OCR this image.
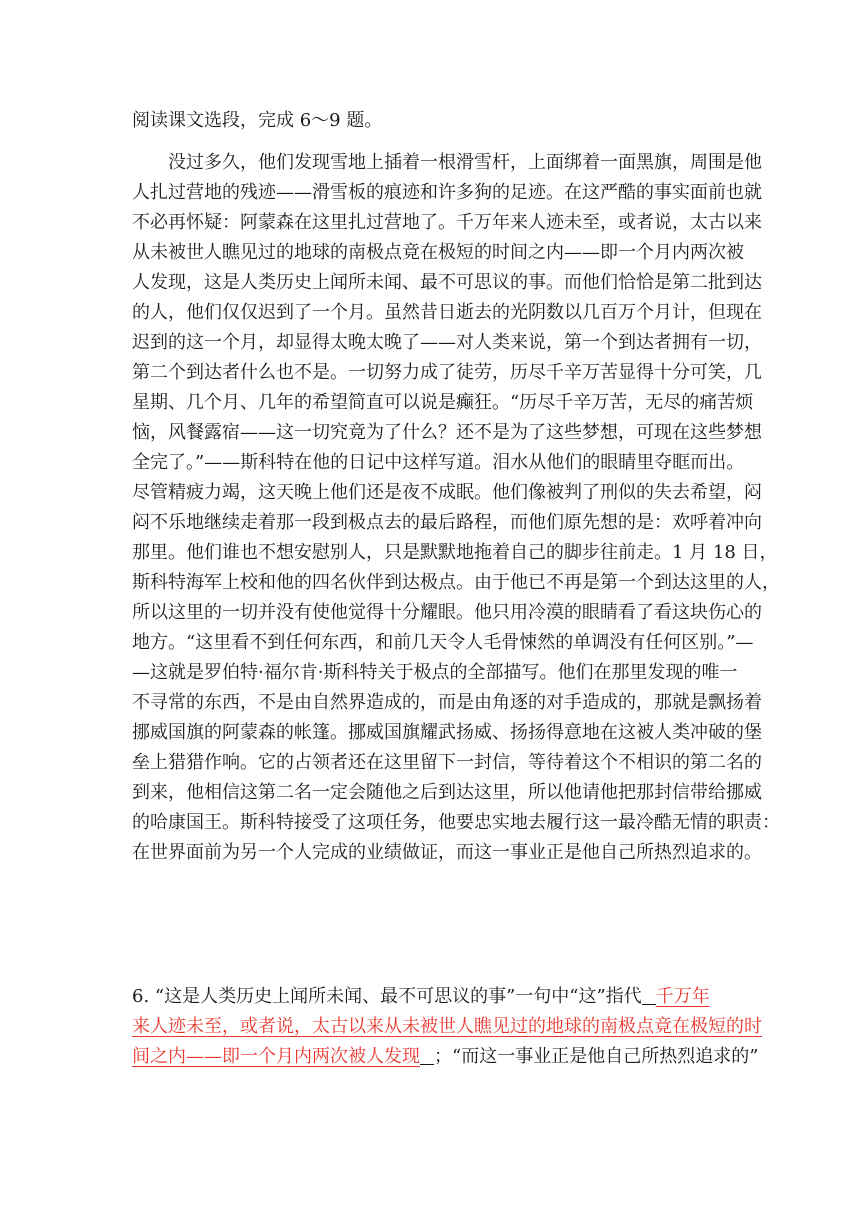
阅读课文选段，完成 6～9 题。
没过多久，他们发现雪地上插着一根滑雪杆，上面绑着一面黑旗，周围是他
人扎过营地的残迹——滑雪板的痕迹和许多狗的足迹。在这严酷的事实面前也就
不必再怀疑：阿蒙森在这里扎过营地了。千万年来人迹未至，或者说，太古以来
从未被世人瞧见过的地球的南极点竟在极短的时间之内——即一个月内两次被
人发现，这是人类历史上闻所未闻、最不可思议的事。而他们恰恰是第二批到达
的人，他们仅仅迟到了一个月。虽然昔日逝去的光阴数以几百万个月计，但现在
迟到的这一个月，却显得太晚太晚了——对人类来说，第一个到达者拥有一切，
第二个到达者什么也不是。一切努力成了徒劳，历尽千辛万苦显得十分可笑，几
星期、几个月、几年的希望简直可以说是癫狂。“历尽千辛万苦，无尽的痛苦烦
恼，风餐露宿——这一切究竟为了什么？还不是为了这些梦想，可现在这些梦想
全完了。”——斯科特在他的日记中这样写道。泪水从他们的眼睛里夺眶而出。
尽管精疲力竭，这天晚上他们还是夜不成眠。他们像被判了刑似的失去希望，闷
闷不乐地继续走着那一段到极点去的最后路程，而他们原先想的是：欢呼着冲向
那里。他们谁也不想安慰别人，只是默默地拖着自己的脚步往前走。1 月 18 日，
斯科特海军上校和他的四名伙伴到达极点。由于他已不再是第一个到达这里的人，
所以这里的一切并没有使他觉得十分耀眼。他只用冷漠的眼睛看了看这块伤心的
地方。“这里看不到任何东西，和前几天令人毛骨悚然的单调没有任何区别。”—
—这就是罗伯特·福尔肯·斯科特关于极点的全部描写。他们在那里发现的唯一
不寻常的东西，不是由自然界造成的，而是由角逐的对手造成的，那就是飘扬着
挪威国旗的阿蒙森的帐篷。挪威国旗耀武扬威、扬扬得意地在这被人类冲破的堡
垒上猎猎作响。它的占领者还在这里留下一封信，等待着这个不相识的第二名的
到来，他相信这第二名一定会随他之后到达这里，所以他请他把那封信带给挪威
的哈康国王。斯科特接受了这项任务，他要忠实地去履行这一最冷酷无情的职责：
在世界面前为另一个人完成的业绩做证，而这一事业正是他自己所热烈追求的。
6. “这是人类历史上闻所未闻、最不可思议的事”一句中“这”指代 千万年
来人迹未至，或者说，太古以来从未被世人瞧见过的地球的南极点竟在极短的时
间之内——即一个月内两次被人发现 ；“而这一事业正是他自己所热烈追求的”
